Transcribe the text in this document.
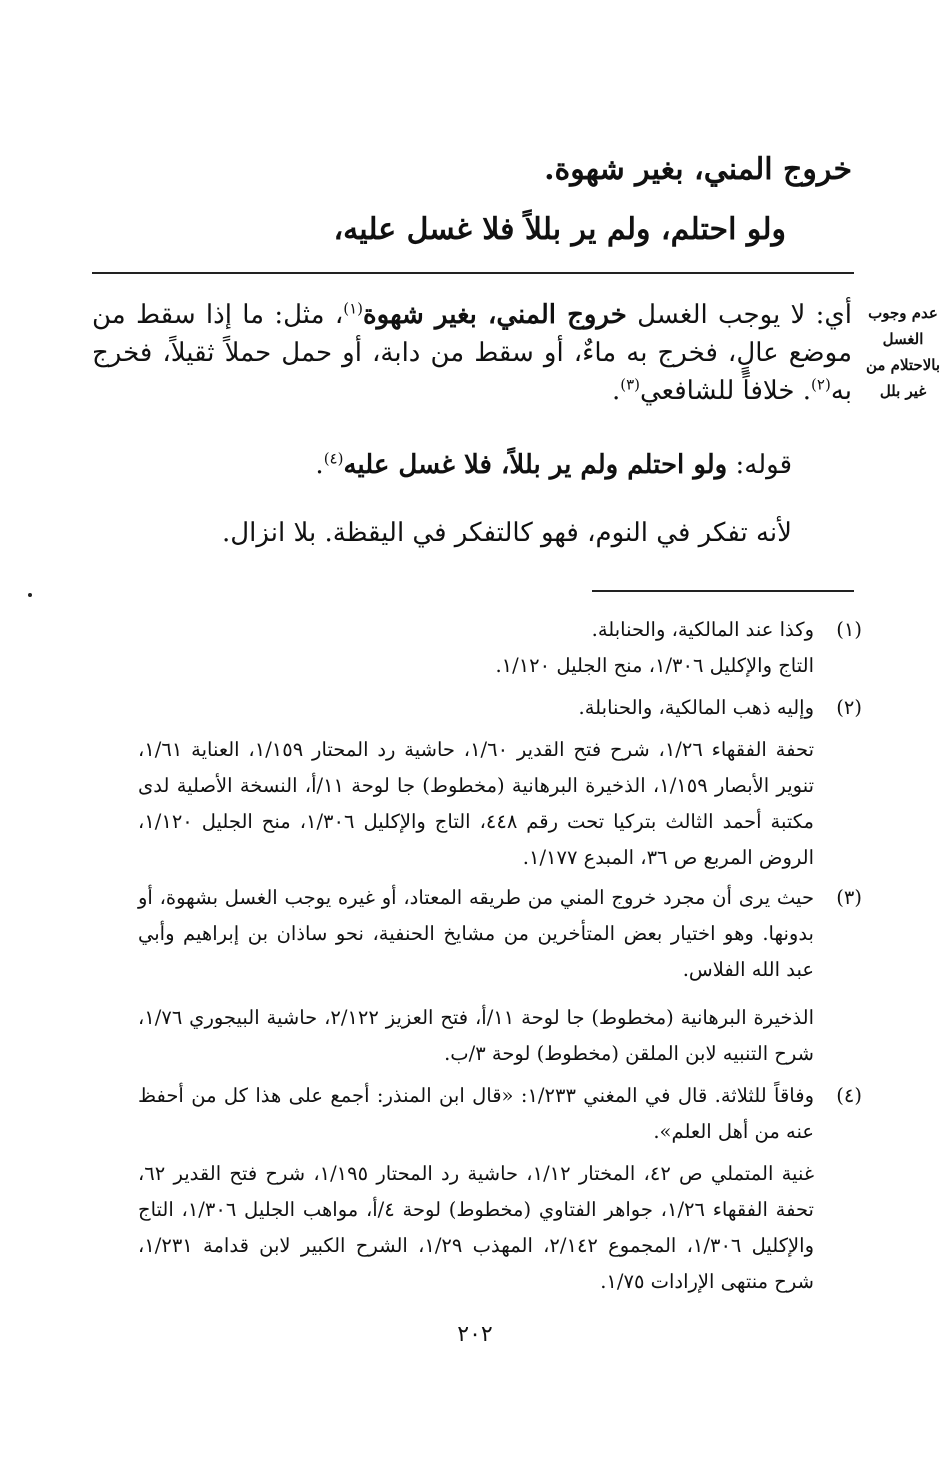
خروج المني، بغير شهوة.
ولو احتلم، ولم ير بللاً فلا غسل عليه،
عدم وجوب الغسل بالاحتلام من غير بلل
أي: لا يوجب الغسل خروج المني، بغير شهوة$^{(١)}$، مثل: ما إذا سقط من موضع عالٍ، فخرج به ماءٌ، أو سقط من دابة، أو حمل حملاً ثقيلاً، فخرج به$^{(٢)}$. خلافاً للشافعي$^{(٣)}$.
قوله: ولو احتلم ولم ير بللاً، فلا غسل عليه$^{(٤)}$.
لأنه تفكر في النوم، فهو كالتفكر في اليقظة. بلا انزال.
(١)
وكذا عند المالكية، والحنابلة.
التاج والإكليل ١/٣٠٦، منح الجليل ١/١٢٠.
(٢)
وإليه ذهب المالكية، والحنابلة.
تحفة الفقهاء ١/٢٦، شرح فتح القدير ١/٦٠، حاشية رد المحتار ١/١٥٩، العناية ١/٦١، تنوير الأبصار ١/١٥٩، الذخيرة البرهانية (مخطوط) جا لوحة ١١/أ، النسخة الأصلية لدى مكتبة أحمد الثالث بتركيا تحت رقم ٤٤٨، التاج والإكليل ١/٣٠٦، منح الجليل ١/١٢٠، الروض المربع ص ٣٦، المبدع ١/١٧٧.
(٣)
حيث يرى أن مجرد خروج المني من طريقه المعتاد، أو غيره يوجب الغسل بشهوة، أو بدونها. وهو اختيار بعض المتأخرين من مشايخ الحنفية، نحو ساذان بن إبراهيم وأبي عبد الله الفلاس.
الذخيرة البرهانية (مخطوط) جا لوحة ١١/أ، فتح العزيز ٢/١٢٢، حاشية البيجوري ١/٧٦، شرح التنبيه لابن الملقن (مخطوط) لوحة ٣/ب.
(٤)
وفاقاً للثلاثة. قال في المغني ١/٢٣٣: «قال ابن المنذر: أجمع على هذا كل من أحفظ عنه من أهل العلم».
غنية المتملي ص ٤٢، المختار ١/١٢، حاشية رد المحتار ١/١٩٥، شرح فتح القدير ٦٢، تحفة الفقهاء ١/٢٦، جواهر الفتاوي (مخطوط) لوحة ٤/أ، مواهب الجليل ١/٣٠٦، التاج والإكليل ١/٣٠٦، المجموع ٢/١٤٢، المهذب ١/٢٩، الشرح الكبير لابن قدامة ١/٢٣١، شرح منتهى الإرادات ١/٧٥.
٢٠٢
